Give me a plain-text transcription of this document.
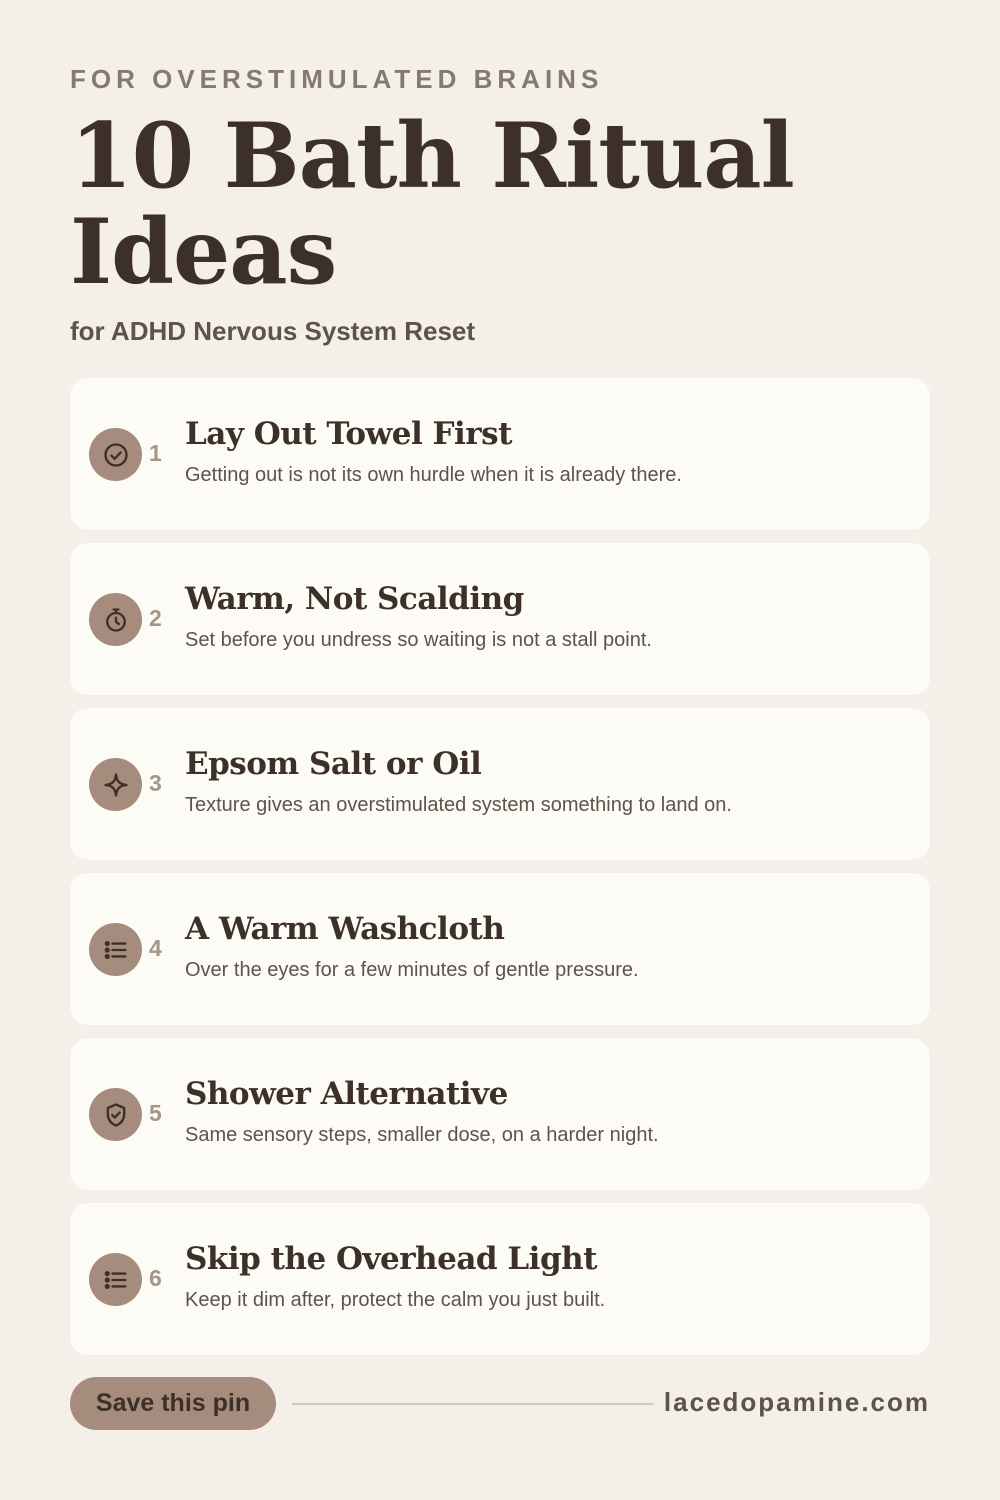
FOR OVERSTIMULATED BRAINS
10 Bath Ritual Ideas
for ADHD Nervous System Reset
1
Lay Out Towel First
Getting out is not its own hurdle when it is already there.
2
Warm, Not Scalding
Set before you undress so waiting is not a stall point.
3
Epsom Salt or Oil
Texture gives an overstimulated system something to land on.
4
A Warm Washcloth
Over the eyes for a few minutes of gentle pressure.
5
Shower Alternative
Same sensory steps, smaller dose, on a harder night.
6
Skip the Overhead Light
Keep it dim after, protect the calm you just built.
Save this pin	lacedopamine.com
